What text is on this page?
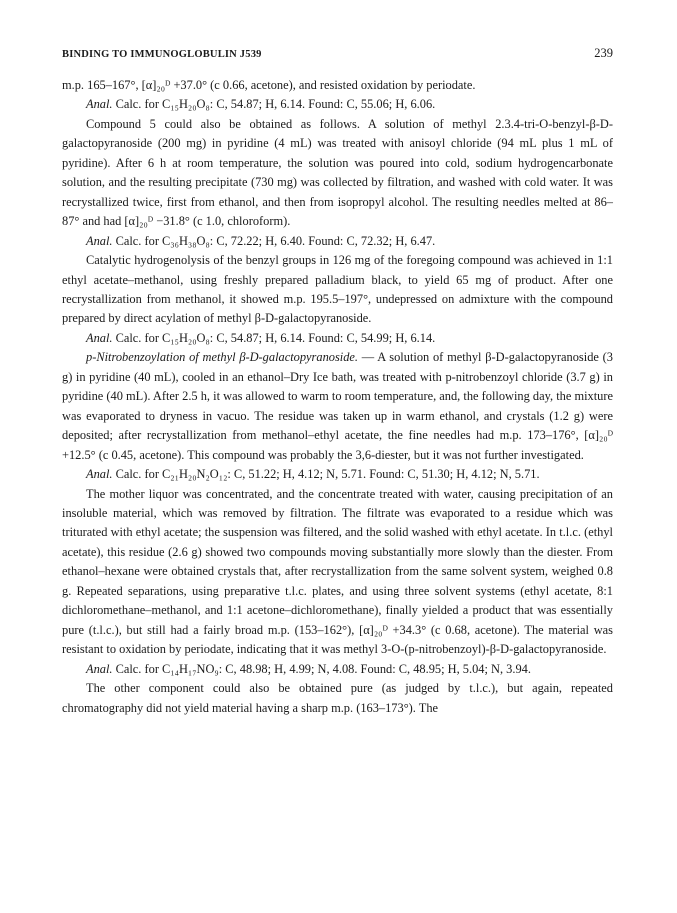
BINDING TO IMMUNOGLOBULIN J539	239

m.p. 165–167°, [α]₂₀ᴰ +37.0° (c 0.66, acetone), and resisted oxidation by periodate.

Anal. Calc. for C₁₅H₂₀O₈: C, 54.87; H, 6.14. Found: C, 55.06; H, 6.06.

Compound 5 could also be obtained as follows. A solution of methyl 2.3.4-tri-O-benzyl-β-D-galactopyranoside (200 mg) in pyridine (4 mL) was treated with anisoyl chloride (94 mL plus 1 mL of pyridine). After 6 h at room temperature, the solution was poured into cold, sodium hydrogencarbonate solution, and the resulting precipitate (730 mg) was collected by filtration, and washed with cold water. It was recrystallized twice, first from ethanol, and then from isopropyl alcohol. The resulting needles melted at 86–87° and had [α]₂₀ᴰ −31.8° (c 1.0, chloroform).

Anal. Calc. for C₃₆H₃₈O₈: C, 72.22; H, 6.40. Found: C, 72.32; H, 6.47.

Catalytic hydrogenolysis of the benzyl groups in 126 mg of the foregoing compound was achieved in 1:1 ethyl acetate–methanol, using freshly prepared palladium black, to yield 65 mg of product. After one recrystallization from methanol, it showed m.p. 195.5–197°, undepressed on admixture with the compound prepared by direct acylation of methyl β-D-galactopyranoside.

Anal. Calc. for C₁₅H₂₀O₈: C, 54.87; H, 6.14. Found: C, 54.99; H, 6.14.

p-Nitrobenzoylation of methyl β-D-galactopyranoside. — A solution of methyl β-D-galactopyranoside (3 g) in pyridine (40 mL), cooled in an ethanol–Dry Ice bath, was treated with p-nitrobenzoyl chloride (3.7 g) in pyridine (40 mL). After 2.5 h, it was allowed to warm to room temperature, and, the following day, the mixture was evaporated to dryness in vacuo. The residue was taken up in warm ethanol, and crystals (1.2 g) were deposited; after recrystallization from methanol–ethyl acetate, the fine needles had m.p. 173–176°, [α]₂₀ᴰ +12.5° (c 0.45, acetone). This compound was probably the 3,6-diester, but it was not further investigated.

Anal. Calc. for C₂₁H₂₀N₂O₁₂: C, 51.22; H, 4.12; N, 5.71. Found: C, 51.30; H, 4.12; N, 5.71.

The mother liquor was concentrated, and the concentrate treated with water, causing precipitation of an insoluble material, which was removed by filtration. The filtrate was evaporated to a residue which was triturated with ethyl acetate; the suspension was filtered, and the solid washed with ethyl acetate. In t.l.c. (ethyl acetate), this residue (2.6 g) showed two compounds moving substantially more slowly than the diester. From ethanol–hexane were obtained crystals that, after recrystallization from the same solvent system, weighed 0.8 g. Repeated separations, using preparative t.l.c. plates, and using three solvent systems (ethyl acetate, 8:1 dichloromethane–methanol, and 1:1 acetone–dichloromethane), finally yielded a product that was essentially pure (t.l.c.), but still had a fairly broad m.p. (153–162°), [α]₂₀ᴰ +34.3° (c 0.68, acetone). The material was resistant to oxidation by periodate, indicating that it was methyl 3-O-(p-nitrobenzoyl)-β-D-galactopyranoside.

Anal. Calc. for C₁₄H₁₇NO₉: C, 48.98; H, 4.99; N, 4.08. Found: C, 48.95; H, 5.04; N, 3.94.

The other component could also be obtained pure (as judged by t.l.c.), but again, repeated chromatography did not yield material having a sharp m.p. (163–173°). The
